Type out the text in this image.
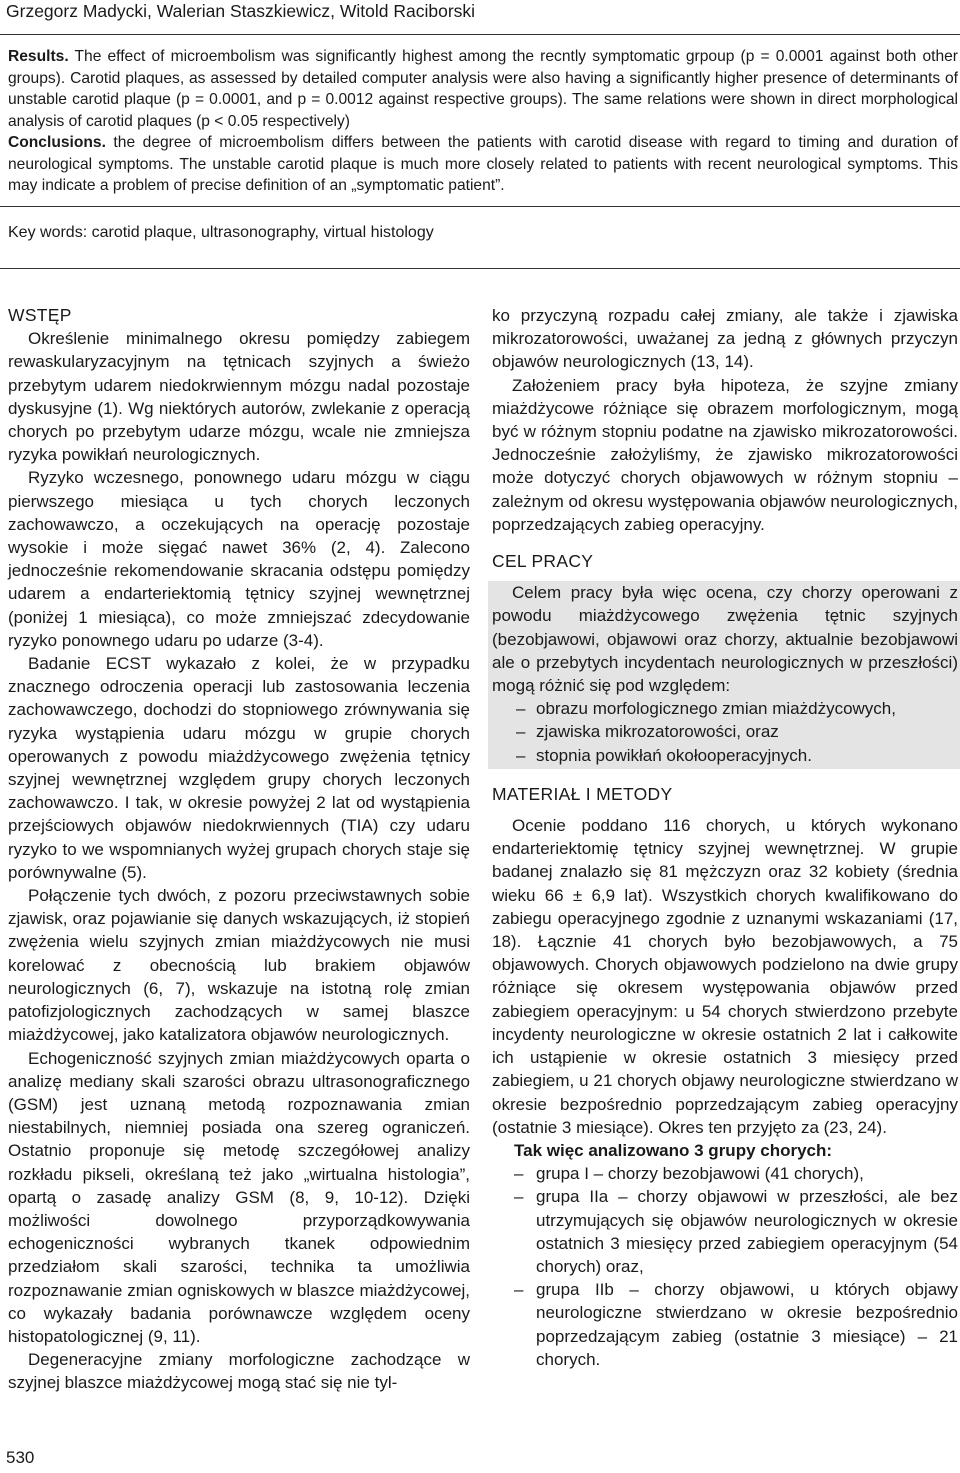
Grzegorz Madycki, Walerian Staszkiewicz, Witold Raciborski

Results. The effect of microembolism was significantly highest among the recntly symptomatic grpoup (p = 0.0001 against both other groups). Carotid plaques, as assessed by detailed computer analysis were also having a significantly higher presence of determinants of unstable carotid plaque (p = 0.0001, and p = 0.0012 against respective groups). The same relations were shown in direct morphological analysis of carotid plaques (p < 0.05 respectively)

Conclusions. the degree of microembolism differs between the patients with carotid disease with regard to timing and duration of neurological symptoms. The unstable carotid plaque is much more closely related to patients with recent neurological symptoms. This may indicate a problem of precise definition of an „symptomatic patient”.

Key words: carotid plaque, ultrasonography, virtual histology
WSTĘP

Określenie minimalnego okresu pomiędzy zabiegem rewaskularyzacyjnym na tętnicach szyjnych a świeżo przebytym udarem niedokrwiennym mózgu nadal pozostaje dyskusyjne (1). Wg niektórych autorów, zwlekanie z operacją chorych po przebytym udarze mózgu, wcale nie zmniejsza ryzyka powikłań neurologicznych.

Ryzyko wczesnego, ponownego udaru mózgu w ciągu pierwszego miesiąca u tych chorych leczonych zachowawczo, a oczekujących na operację pozostaje wysokie i może sięgać nawet 36% (2, 4). Zalecono jednocześnie rekomendowanie skracania odstępu pomiędzy udarem a endarteriektomią tętnicy szyjnej wewnętrznej (poniżej 1 miesiąca), co może zmniejszać zdecydowanie ryzyko ponownego udaru po udarze (3-4).

Badanie ECST wykazało z kolei, że w przypadku znacznego odroczenia operacji lub zastosowania leczenia zachowawczego, dochodzi do stopniowego zrównywania się ryzyka wystąpienia udaru mózgu w grupie chorych operowanych z powodu miażdżycowego zwężenia tętnicy szyjnej wewnętrznej względem grupy chorych leczonych zachowawczo. I tak, w okresie powyżej 2 lat od wystąpienia przejściowych objawów niedokrwiennych (TIA) czy udaru ryzyko to we wspomnianych wyżej grupach chorych staje się porównywalne (5).

Połączenie tych dwóch, z pozoru przeciwstawnych sobie zjawisk, oraz pojawianie się danych wskazujących, iż stopień zwężenia wielu szyjnych zmian miażdżycowych nie musi korelować z obecnością lub brakiem objawów neurologicznych (6, 7), wskazuje na istotną rolę zmian patofizjologicznych zachodzących w samej blaszce miażdżycowej, jako katalizatora objawów neurologicznych.

Echogeniczność szyjnych zmian miażdżycowych oparta o analizę mediany skali szarości obrazu ultrasonograficznego (GSM) jest uznaną metodą rozpoznawania zmian niestabilnych, niemniej posiada ona szereg ograniczeń. Ostatnio proponuje się metodę szczegółowej analizy rozkładu pikseli, określaną też jako „wirtualna histologia”, opartą o zasadę analizy GSM (8, 9, 10-12). Dzięki możliwości dowolnego przyporządkowywania echogeniczności wybranych tkanek odpowiednim przedziałom skali szarości, technika ta umożliwia rozpoznawanie zmian ogniskowych w blaszce miażdżycowej, co wykazały badania porównawcze względem oceny histopatologicznej (9, 11).

Degeneracyjne zmiany morfologiczne zachodzące w szyjnej blaszce miażdżycowej mogą stać się nie tyl-

ko przyczyną rozpadu całej zmiany, ale także i zjawiska mikrozatorowości, uważanej za jedną z głównych przyczyn objawów neurologicznych (13, 14).

Założeniem pracy była hipoteza, że szyjne zmiany miażdżycowe różniące się obrazem morfologicznym, mogą być w różnym stopniu podatne na zjawisko mikrozatorowości. Jednocześnie założyliśmy, że zjawisko mikrozatorowości może dotyczyć chorych objawowych w różnym stopniu – zależnym od okresu występowania objawów neurologicznych, poprzedzających zabieg operacyjny.

CEL PRACY

Celem pracy była więc ocena, czy chorzy operowani z powodu miażdżycowego zwężenia tętnic szyjnych (bezobjawowi, objawowi oraz chorzy, aktualnie bezobjawowi ale o przebytych incydentach neurologicznych w przeszłości) mogą różnić się pod względem:

– obrazu morfologicznego zmian miażdżycowych,
– zjawiska mikrozatorowości, oraz
– stopnia powikłań okołooperacyjnych.
MATERIAŁ I METODY

Ocenie poddano 116 chorych, u których wykonano endarteriektomię tętnicy szyjnej wewnętrznej. W grupie badanej znalazło się 81 mężczyzn oraz 32 kobiety (średnia wieku 66 ± 6,9 lat). Wszystkich chorych kwalifikowano do zabiegu operacyjnego zgodnie z uznanymi wskazaniami (17, 18). Łącznie 41 chorych było bezobjawowych, a 75 objawowych. Chorych objawowych podzielono na dwie grupy różniące się okresem występowania objawów przed zabiegiem operacyjnym: u 54 chorych stwierdzono przebyte incydenty neurologiczne w okresie ostatnich 2 lat i całkowite ich ustąpienie w okresie ostatnich 3 miesięcy przed zabiegiem, u 21 chorych objawy neurologiczne stwierdzano w okresie bezpośrednio poprzedzającym zabieg operacyjny (ostatnie 3 miesiące). Okres ten przyjęto za (23, 24).

Tak więc analizowano 3 grupy chorych:
– grupa I – chorzy bezobjawowi (41 chorych),
– grupa IIa – chorzy objawowi w przeszłości, ale bez utrzymujących się objawów neurologicznych w okresie ostatnich 3 miesięcy przed zabiegiem operacyjnym (54 chorych) oraz,
– grupa IIb – chorzy objawowi, u których objawy neurologiczne stwierdzano w okresie bezpośrednio poprzedzającym zabieg (ostatnie 3 miesiące) – 21 chorych.
530
